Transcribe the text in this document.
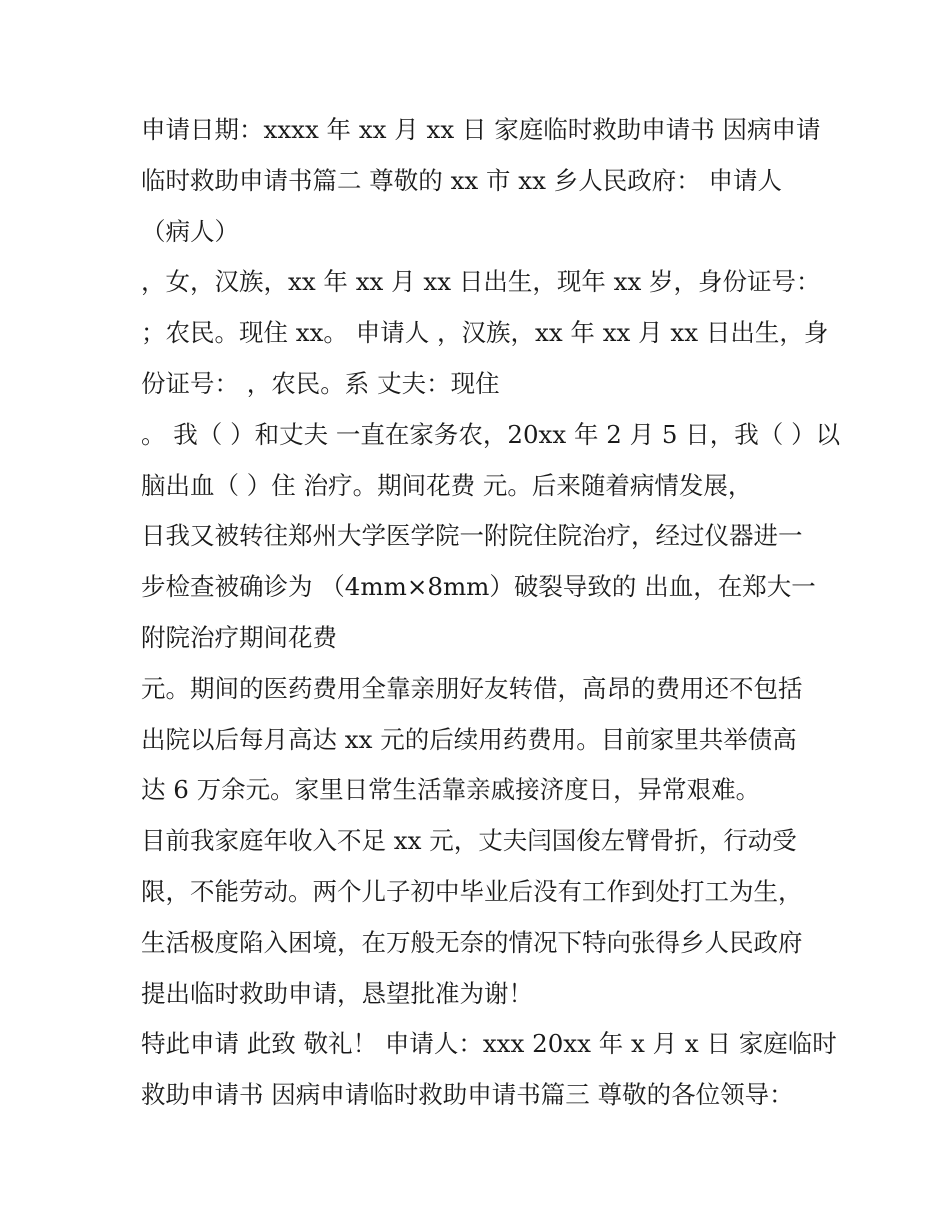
申请日期：xxxx 年 xx 月 xx 日 家庭临时救助申请书 因病申请
临时救助申请书篇二 尊敬的 xx 市 xx 乡人民政府： 申请人
（病人）
，女，汉族，xx 年 xx 月 xx 日出生，现年 xx 岁，身份证号：
；农民。现住 xx。 申请人 ，汉族，xx 年 xx 月 xx 日出生，身
份证号： ，农民。系 丈夫：现住
。 我（ ）和丈夫 一直在家务农，20xx 年 2 月 5 日，我（ ）以
脑出血（ ）住 治疗。期间花费 元。后来随着病情发展，
日我又被转往郑州大学医学院一附院住院治疗，经过仪器进一
步检查被确诊为 （4mm×8mm）破裂导致的 出血，在郑大一
附院治疗期间花费
元。期间的医药费用全靠亲朋好友转借，高昂的费用还不包括
出院以后每月高达 xx 元的后续用药费用。目前家里共举债高
达 6 万余元。家里日常生活靠亲戚接济度日，异常艰难。
目前我家庭年收入不足 xx 元，丈夫闫国俊左臂骨折，行动受
限，不能劳动。两个儿子初中毕业后没有工作到处打工为生，
生活极度陷入困境，在万般无奈的情况下特向张得乡人民政府
提出临时救助申请，恳望批准为谢！
特此申请 此致 敬礼！ 申请人：xxx 20xx 年 x 月 x 日 家庭临时
救助申请书 因病申请临时救助申请书篇三 尊敬的各位领导：
